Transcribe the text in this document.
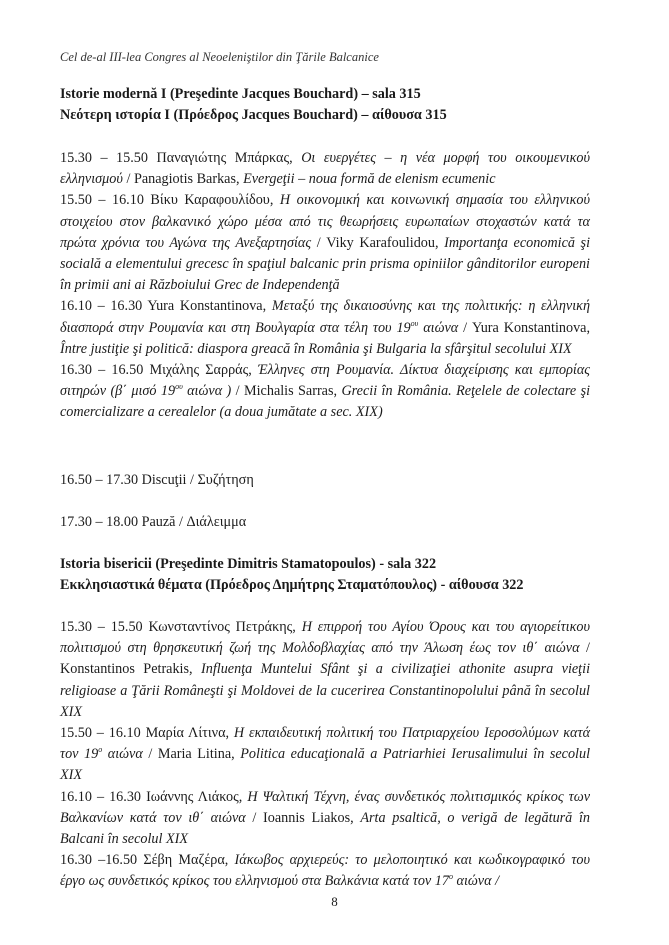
Cel de-al III-lea Congres al Neoeleniştilor din Ţările Balcanice
Istorie modernă I (Preşedinte Jacques Bouchard) – sala 315
Νεότερη ιστορία Ι (Πρόεδρος Jacques Bouchard) – αίθουσα 315
15.30 – 15.50 Παναγιώτης Μπάρκας, Οι ευεργέτες – η νέα μορφή του οικουμενικού ελληνισμού / Panagiotis Barkas, Evergeţii – noua formă de elenism ecumenic
15.50 – 16.10 Βίκυ Καραφουλίδου, Η οικονομική και κοινωνική σημασία του ελληνικού στοιχείου στον βαλκανικό χώρο μέσα από τις θεωρήσεις ευρωπαίων στοχαστών κατά τα πρώτα χρόνια του Αγώνα της Ανεξαρτησίας / Viky Karafoulidou, Importanţa economică şi socială a elementului grecesc în spaţiul balcanic prin prisma opiniilor gânditorilor europeni în primii ani ai Războiului Grec de Independenţă
16.10 – 16.30 Yura Konstantinova, Μεταξύ της δικαιοσύνης και της πολιτικής: η ελληνική διασπορά στην Ρουμανία και στη Βουλγαρία στα τέλη του $19^{o\upsilon}$ αιώνα / Yura Konstantinova, Între justiţie şi politică: diaspora greacă în România şi Bulgaria la sfârşitul secolului XIX
16.30 – 16.50 Μιχάλης Σαρράς, Έλληνες στη Ρουμανία. Δίκτυα διαχείρισης και εμπορίας σιτηρών (β΄ μισό $19^{o\upsilon}$ αιώνα ) / Michalis Sarras, Grecii în România. Reţelele de colectare şi comercializare a cerealelor (a doua jumătate a sec. XIX)
16.50 – 17.30 Discuţii / Συζήτηση
17.30 – 18.00 Pauză / Διάλειμμα
Istoria bisericii (Preşedinte Dimitris Stamatopoulos) - sala 322
Εκκλησιαστικά θέματα (Πρόεδρος Δημήτρης Σταματόπουλος) - αίθουσα 322
15.30 – 15.50 Κωνσταντίνος Πετράκης, Η επιρροή του Αγίου Όρους και του αγιορείτικου πολιτισμού στη θρησκευτική ζωή της Μολδοβλαχίας από την Άλωση έως τον ιθ΄ αιώνα / Konstantinos Petrakis, Influenţa Muntelui Sfânt şi a civilizaţiei athonite asupra vieţii religioase a Ţării Româneşti şi Moldovei de la cucerirea Constantinopolului până în secolul XIX
15.50 – 16.10 Μαρία Λίτινα, Η εκπαιδευτική πολιτική του Πατριαρχείου Ιεροσολύμων κατά τον $19^o$ αιώνα / Maria Litina, Politica educaţională a Patriarhiei Ierusalimului în secolul XIX
16.10 – 16.30 Ιωάννης Λιάκος, Η Ψαλτική Τέχνη, ένας συνδετικός πολιτισμικός κρίκος των Βαλκανίων κατά τον ιθ΄ αιώνα / Ioannis Liakos, Arta psaltică, o verigă de legătură în Balcani în secolul XIX
16.30 –16.50 Σέβη Μαζέρα, Ιάκωβος αρχιερεύς: το μελοποιητικό και κωδικογραφικό του έργο ως συνδετικός κρίκος του ελληνισμού στα Βαλκάνια κατά τον $17^o$ αιώνα /
8
